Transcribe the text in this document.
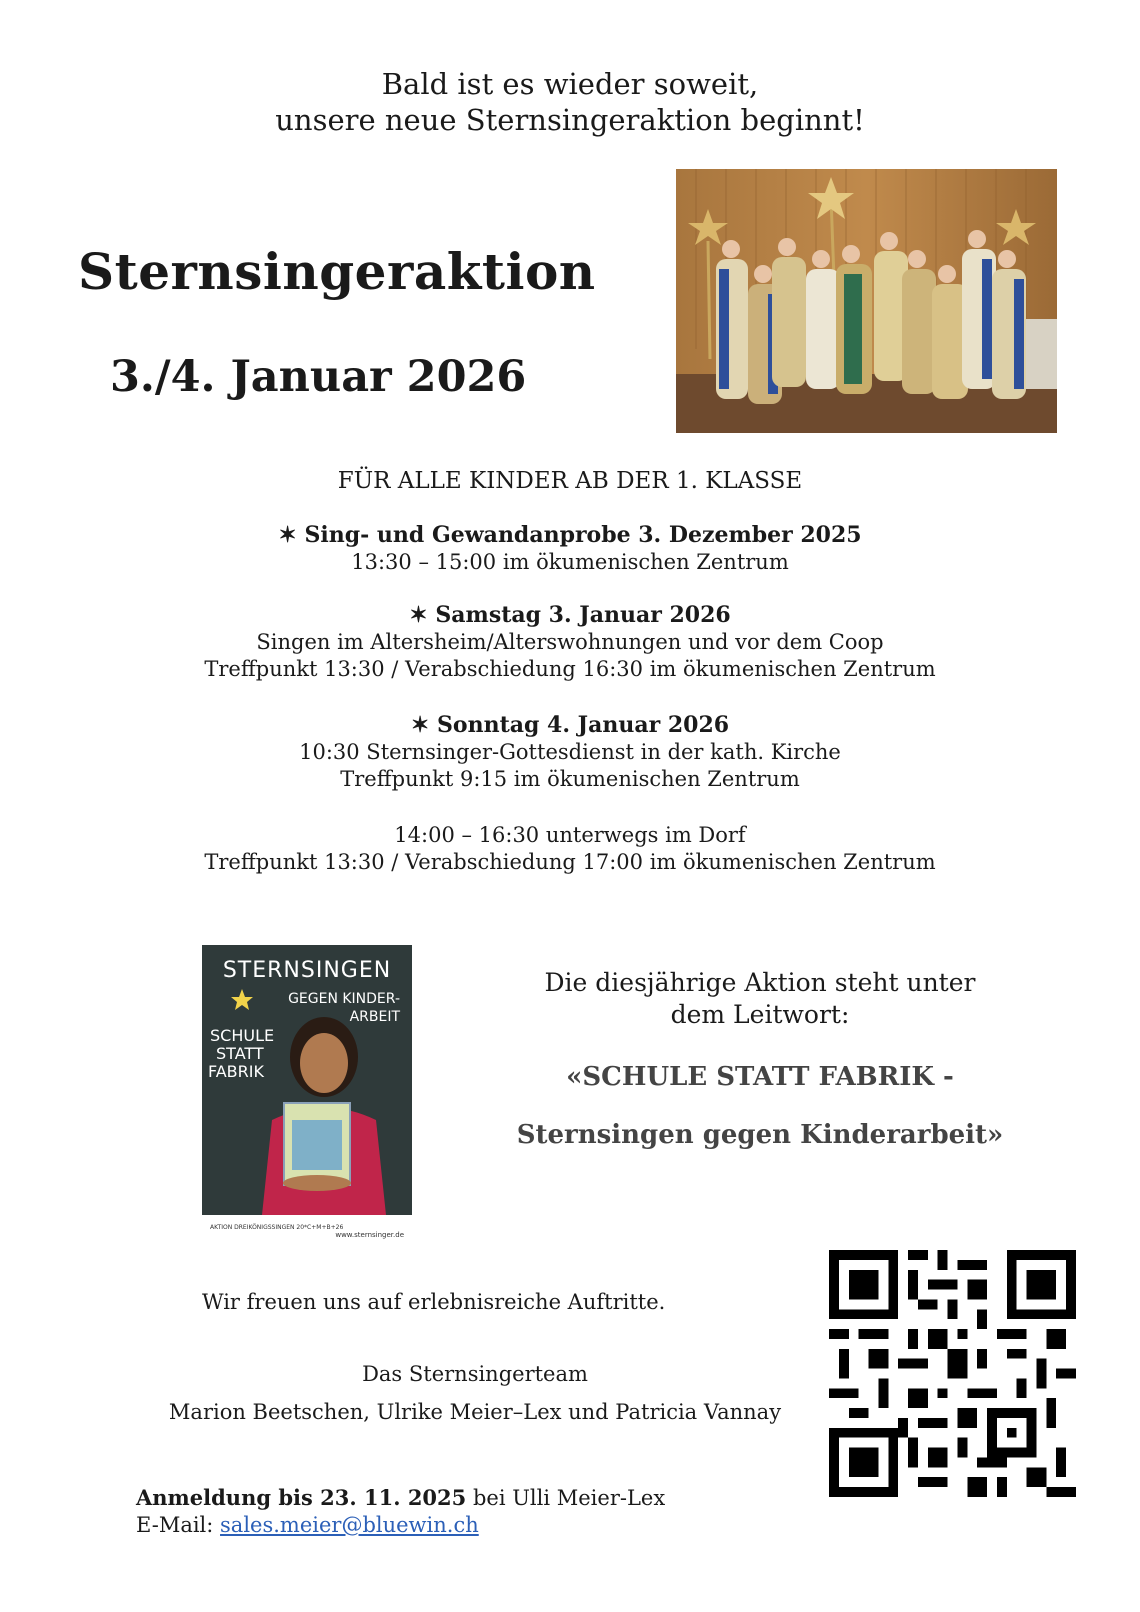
Bald ist es wieder soweit,
unsere neue Sternsingeraktion beginnt!
Sternsingeraktion
3./4. Januar 2026
FÜR ALLE KINDER AB DER 1. KLASSE
✶ Sing- und Gewandanprobe 3. Dezember 2025
13:30 – 15:00 im ökumenischen Zentrum
✶ Samstag 3. Januar 2026
Singen im Altersheim/Alterswohnungen und vor dem Coop
Treffpunkt 13:30 / Verabschiedung 16:30 im ökumenischen Zentrum
✶ Sonntag 4. Januar 2026
10:30 Sternsinger-Gottesdienst in der kath. Kirche
Treffpunkt 9:15 im ökumenischen Zentrum
14:00 – 16:30 unterwegs im Dorf
Treffpunkt 13:30 / Verabschiedung 17:00 im ökumenischen Zentrum
STERNSINGEN
GEGEN KINDER-
ARBEIT
SCHULE
STATT
FABRIK
AKTION DREIKÖNIGSSINGEN 20*C+M+B+26
www.sternsinger.de
Die diesjährige Aktion steht unter
dem Leitwort:
«SCHULE STATT FABRIK -
Sternsingen gegen Kinderarbeit»
Wir freuen uns auf erlebnisreiche Auftritte.
Das Sternsingerteam
Marion Beetschen, Ulrike Meier–Lex und Patricia Vannay
Anmeldung bis 23. 11. 2025 bei Ulli Meier-Lex
E-Mail: sales.meier@bluewin.ch
